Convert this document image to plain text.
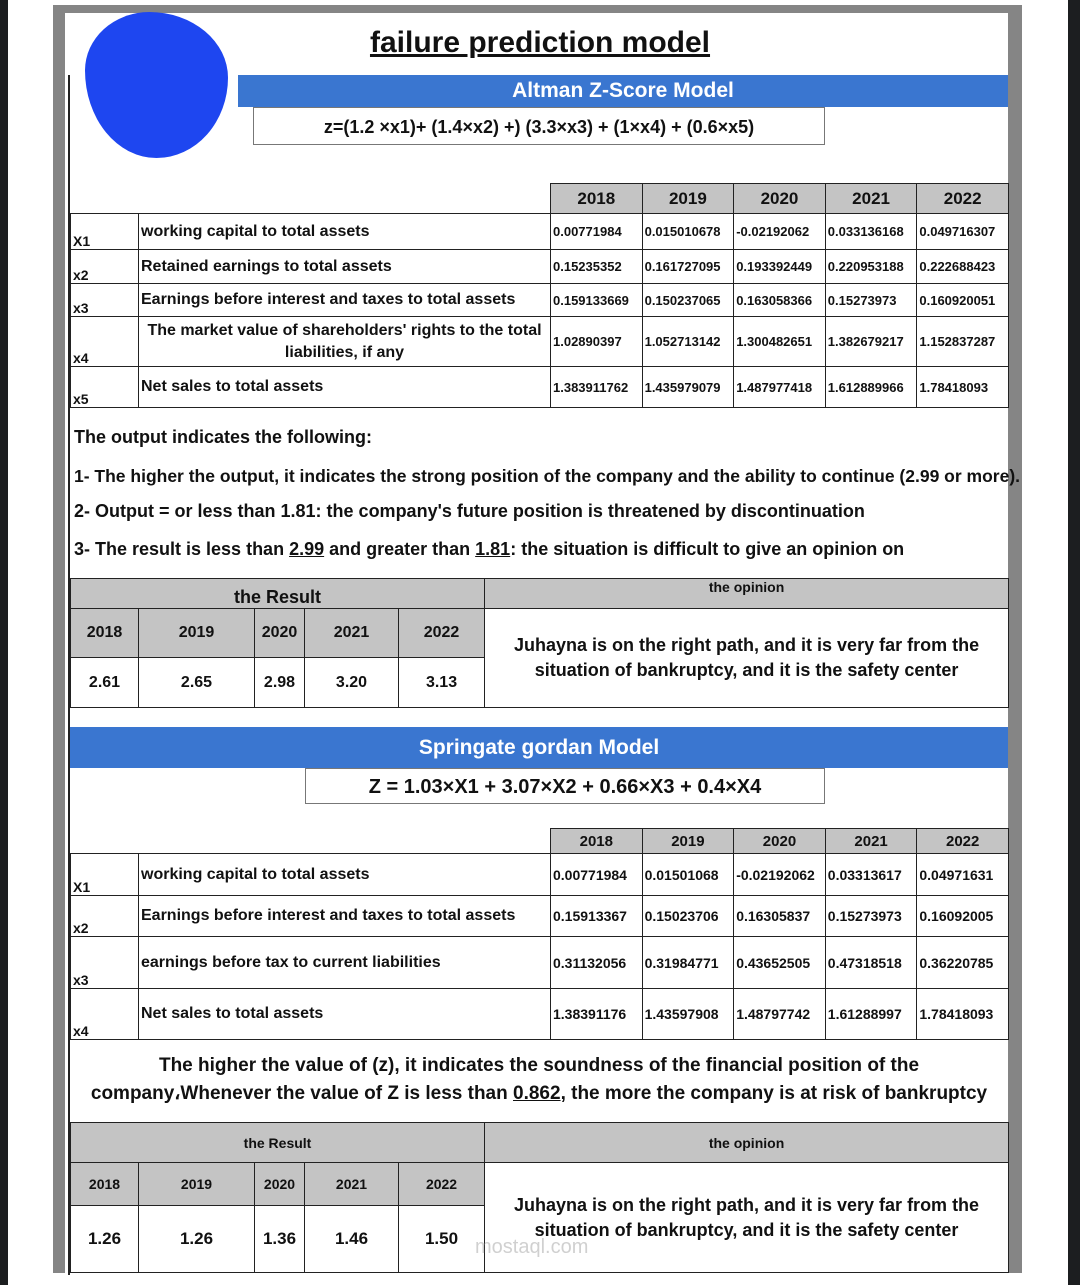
failure prediction model
Altman Z-Score Model
z=(1.2 ×x1)+ (1.4×x2) +) (3.3×x3) + (1×x4) + (0.6×x5)
		2018	2019	2020	2021	2022
X1	working capital to total assets	0.00771984	0.015010678	-0.02192062	0.033136168	0.049716307
x2	Retained earnings to total assets	0.15235352	0.161727095	0.193392449	0.220953188	0.222688423
x3	Earnings before interest and taxes to total assets	0.159133669	0.150237065	0.163058366	0.15273973	0.160920051
x4	The market value of shareholders' rights to the total liabilities, if any	1.02890397	1.052713142	1.300482651	1.382679217	1.152837287
x5	Net sales to total assets	1.383911762	1.435979079	1.487977418	1.612889966	1.78418093
The output indicates the following:
1- The higher the output, it indicates the strong position of the company and the ability to continue (2.99 or more).
2- Output = or less than 1.81: the company's future position is threatened by discontinuation
3- The result is less than 2.99 and greater than 1.81: the situation is difficult to give an opinion on
the Result					the opinion
2018	2019	2020	2021	2022	Juhayna is on the right path, and it is very far from the situation of bankruptcy, and it is the safety center
2.61	2.65	2.98	3.20	3.13	
Springate gordan Model
Z = 1.03×X1 + 3.07×X2 + 0.66×X3 + 0.4×X4
		2018	2019	2020	2021	2022
X1	working capital to total assets	0.00771984	0.01501068	-0.02192062	0.03313617	0.04971631
x2	Earnings before interest and taxes to total assets	0.15913367	0.15023706	0.16305837	0.15273973	0.16092005
x3	earnings before tax to current liabilities	0.31132056	0.31984771	0.43652505	0.47318518	0.36220785
x4	Net sales to total assets	1.38391176	1.43597908	1.48797742	1.61288997	1.78418093
The higher the value of (z), it indicates the soundness of the financial position of the
company،Whenever the value of Z is less than 0.862, the more the company is at risk of bankruptcy
the Result					the opinion
2018	2019	2020	2021	2022	Juhayna is on the right path, and it is very far from the situation of bankruptcy, and it is the safety center
1.26	1.26	1.36	1.46	1.50	mostaql.com
